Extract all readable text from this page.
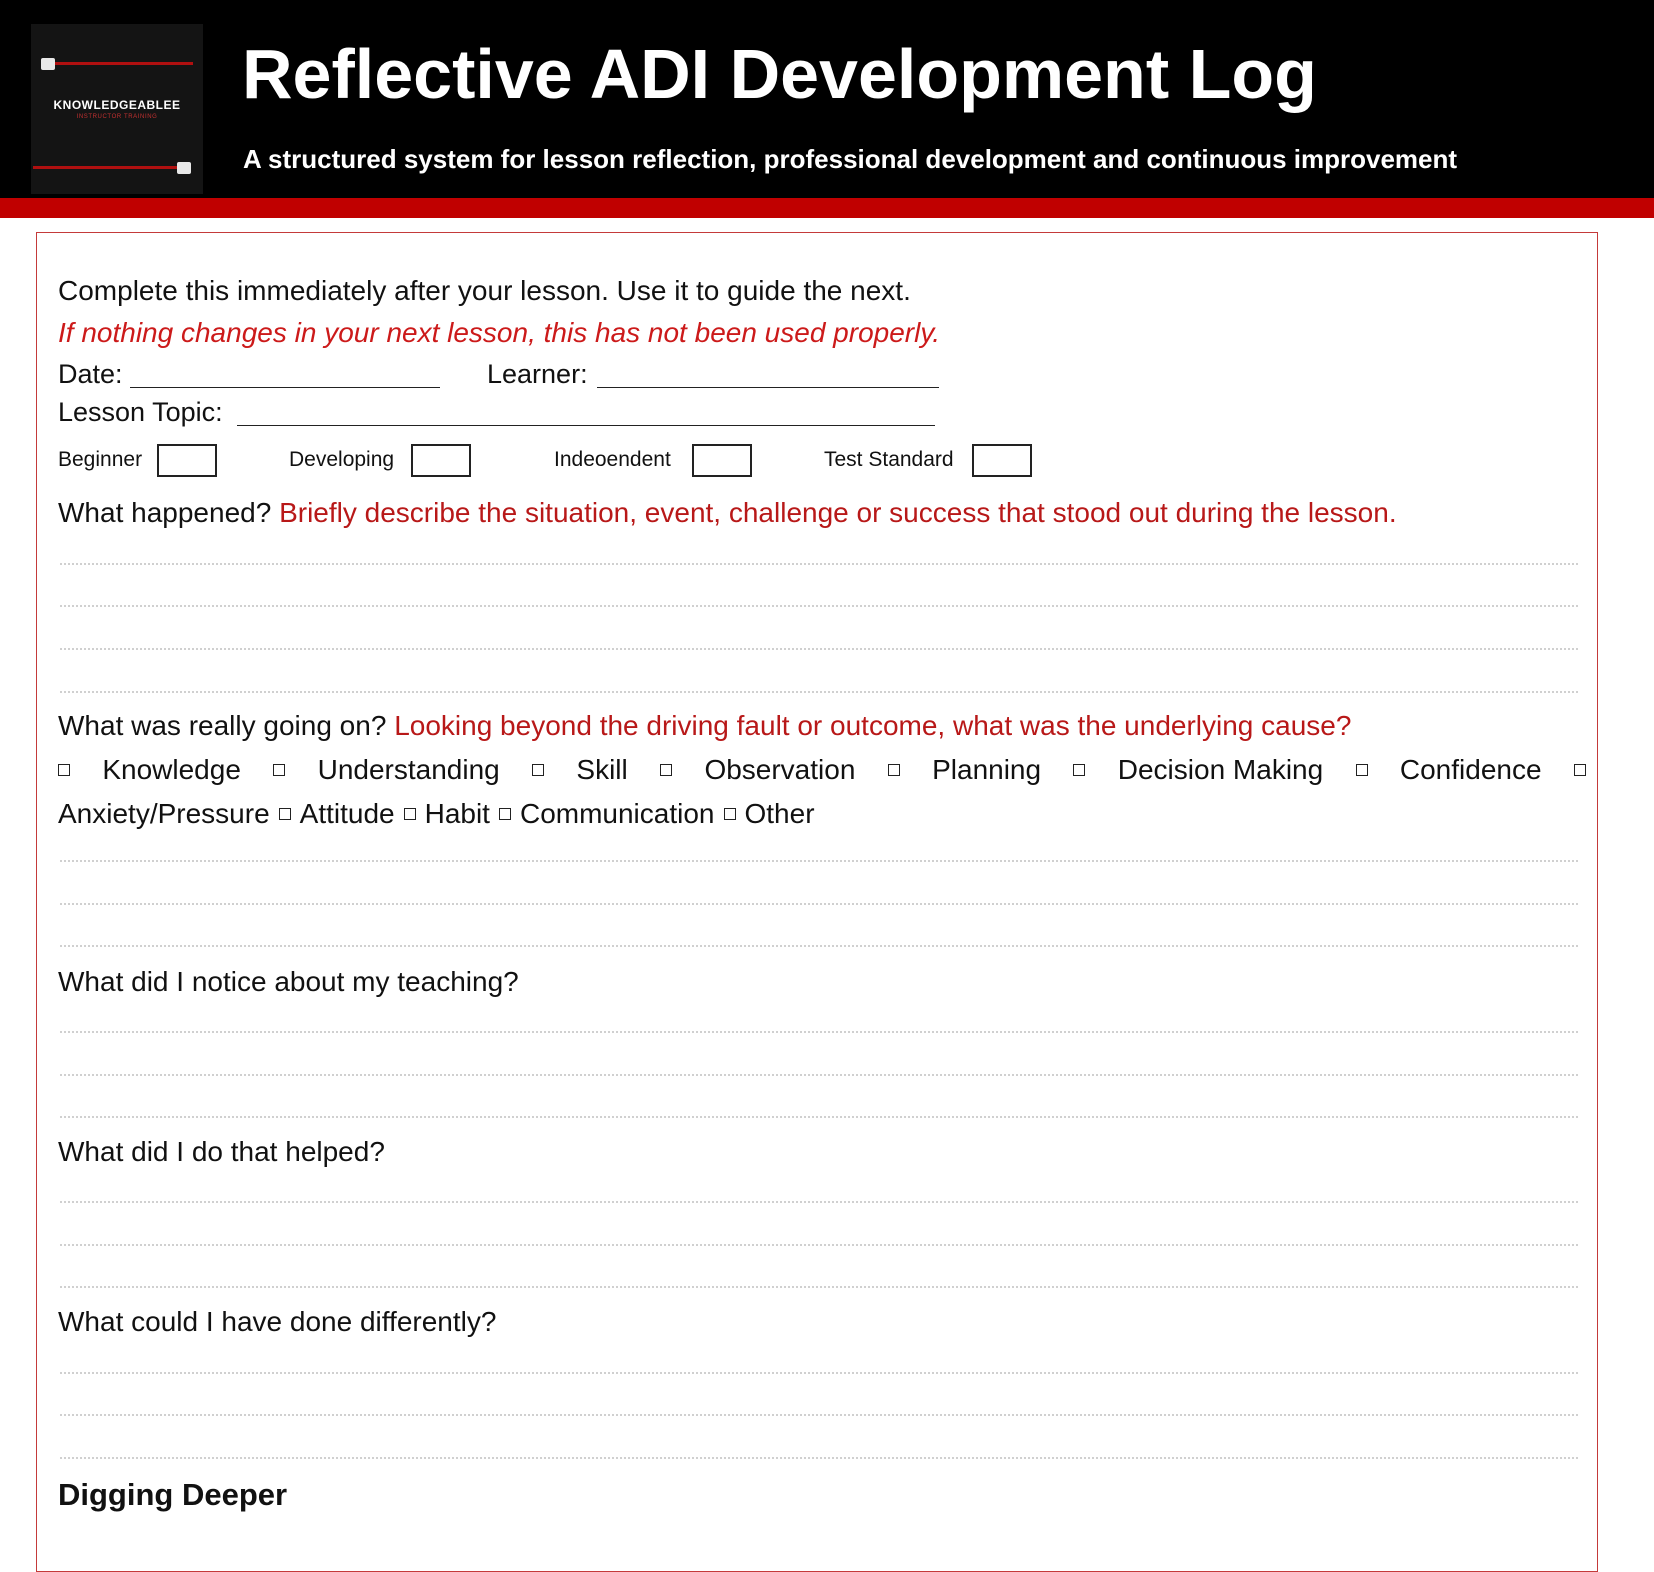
KNOWLEDGEABLEE
INSTRUCTOR TRAINING
Reflective ADI Development Log

A structured system for lesson reflection, professional development and continuous improvement

Complete this immediately after your lesson. Use it to guide the next.

If nothing changes in your next lesson, this has not been used properly.

Date:	Learner:
Lesson Topic:
Beginner	Developing	Indeoendent	Test Standard

What happened? Briefly describe the situation, event, challenge or success that stood out during the lesson.

What was really going on? Looking beyond the driving fault or outcome, what was the underlying cause?

Knowledge	Understanding	Skill	Observation	Planning	Decision Making	Confidence
Anxiety/Pressure Attitude Habit Communication Other

What did I notice about my teaching?

What did I do that helped?

What could I have done differently?

Digging Deeper
